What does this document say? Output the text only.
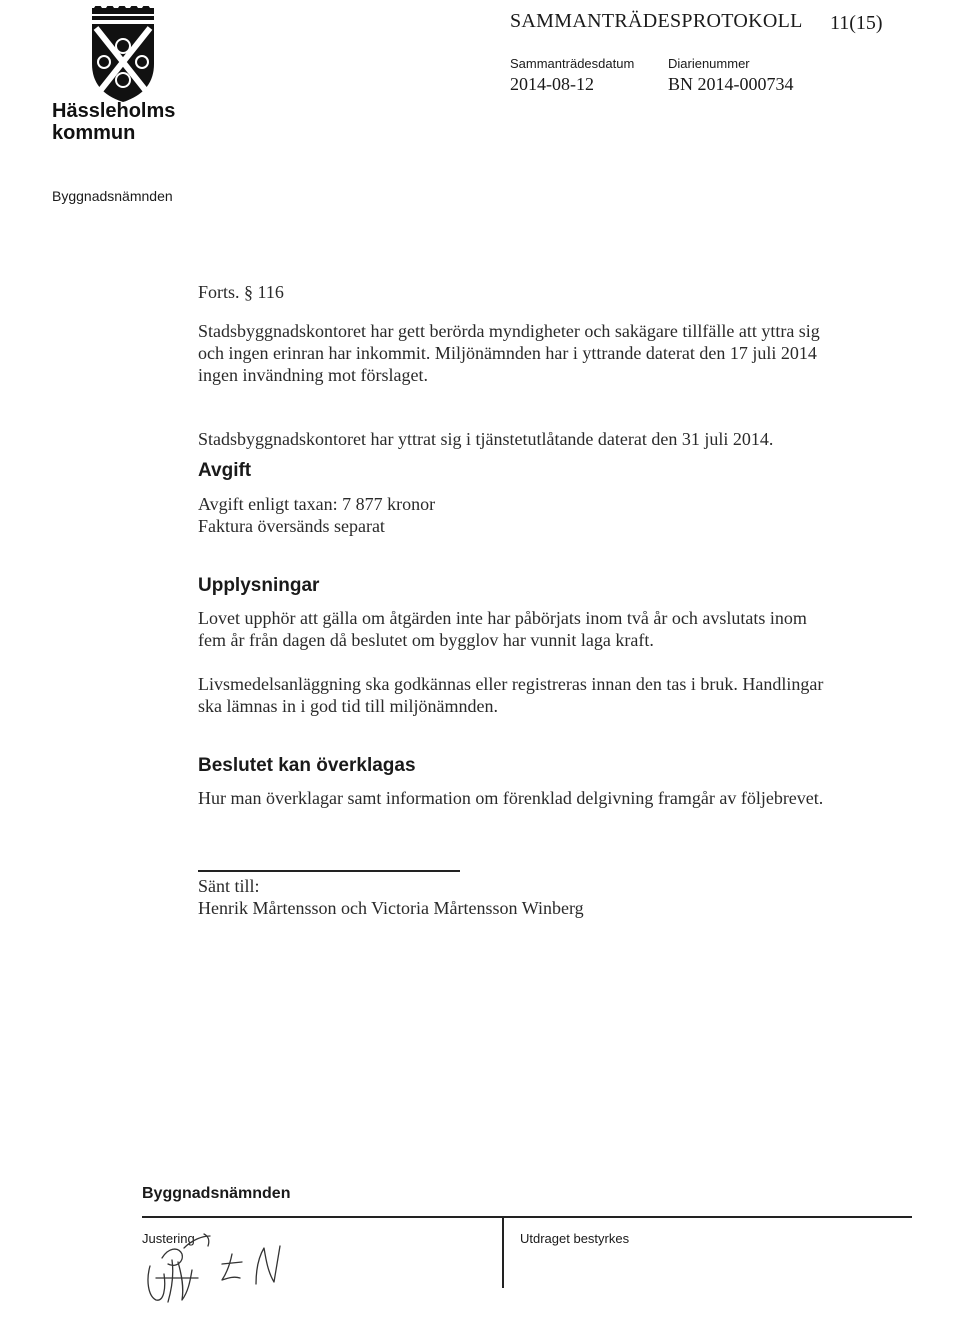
Hässleholms
kommun
SAMMANTRÄDESPROTOKOLL 11(15)
Sammanträdesdatum
2014-08-12
Diarienummer
BN 2014-000734
Byggnadsnämnden
Forts. § 116
Stadsbyggnadskontoret har gett berörda myndigheter och sakägare tillfälle att yttra sig och ingen erinran har inkommit. Miljönämnden har i yttrande daterat den 17 juli 2014 ingen invändning mot förslaget.
Stadsbyggnadskontoret har yttrat sig i tjänstetutlåtande daterat den 31 juli 2014.
Avgift
Avgift enligt taxan: 7 877 kronor
Faktura översänds separat
Upplysningar
Lovet upphör att gälla om åtgärden inte har påbörjats inom två år och avslutats inom fem år från dagen då beslutet om bygglov har vunnit laga kraft.
Livsmedelsanläggning ska godkännas eller registreras innan den tas i bruk. Handlingar ska lämnas in i god tid till miljönämnden.
Beslutet kan överklagas
Hur man överklagar samt information om förenklad delgivning framgår av följebrevet.
Sänt till:
Henrik Mårtensson och Victoria Mårtensson Winberg
Byggnadsnämnden
Justering	Utdraget bestyrkes
